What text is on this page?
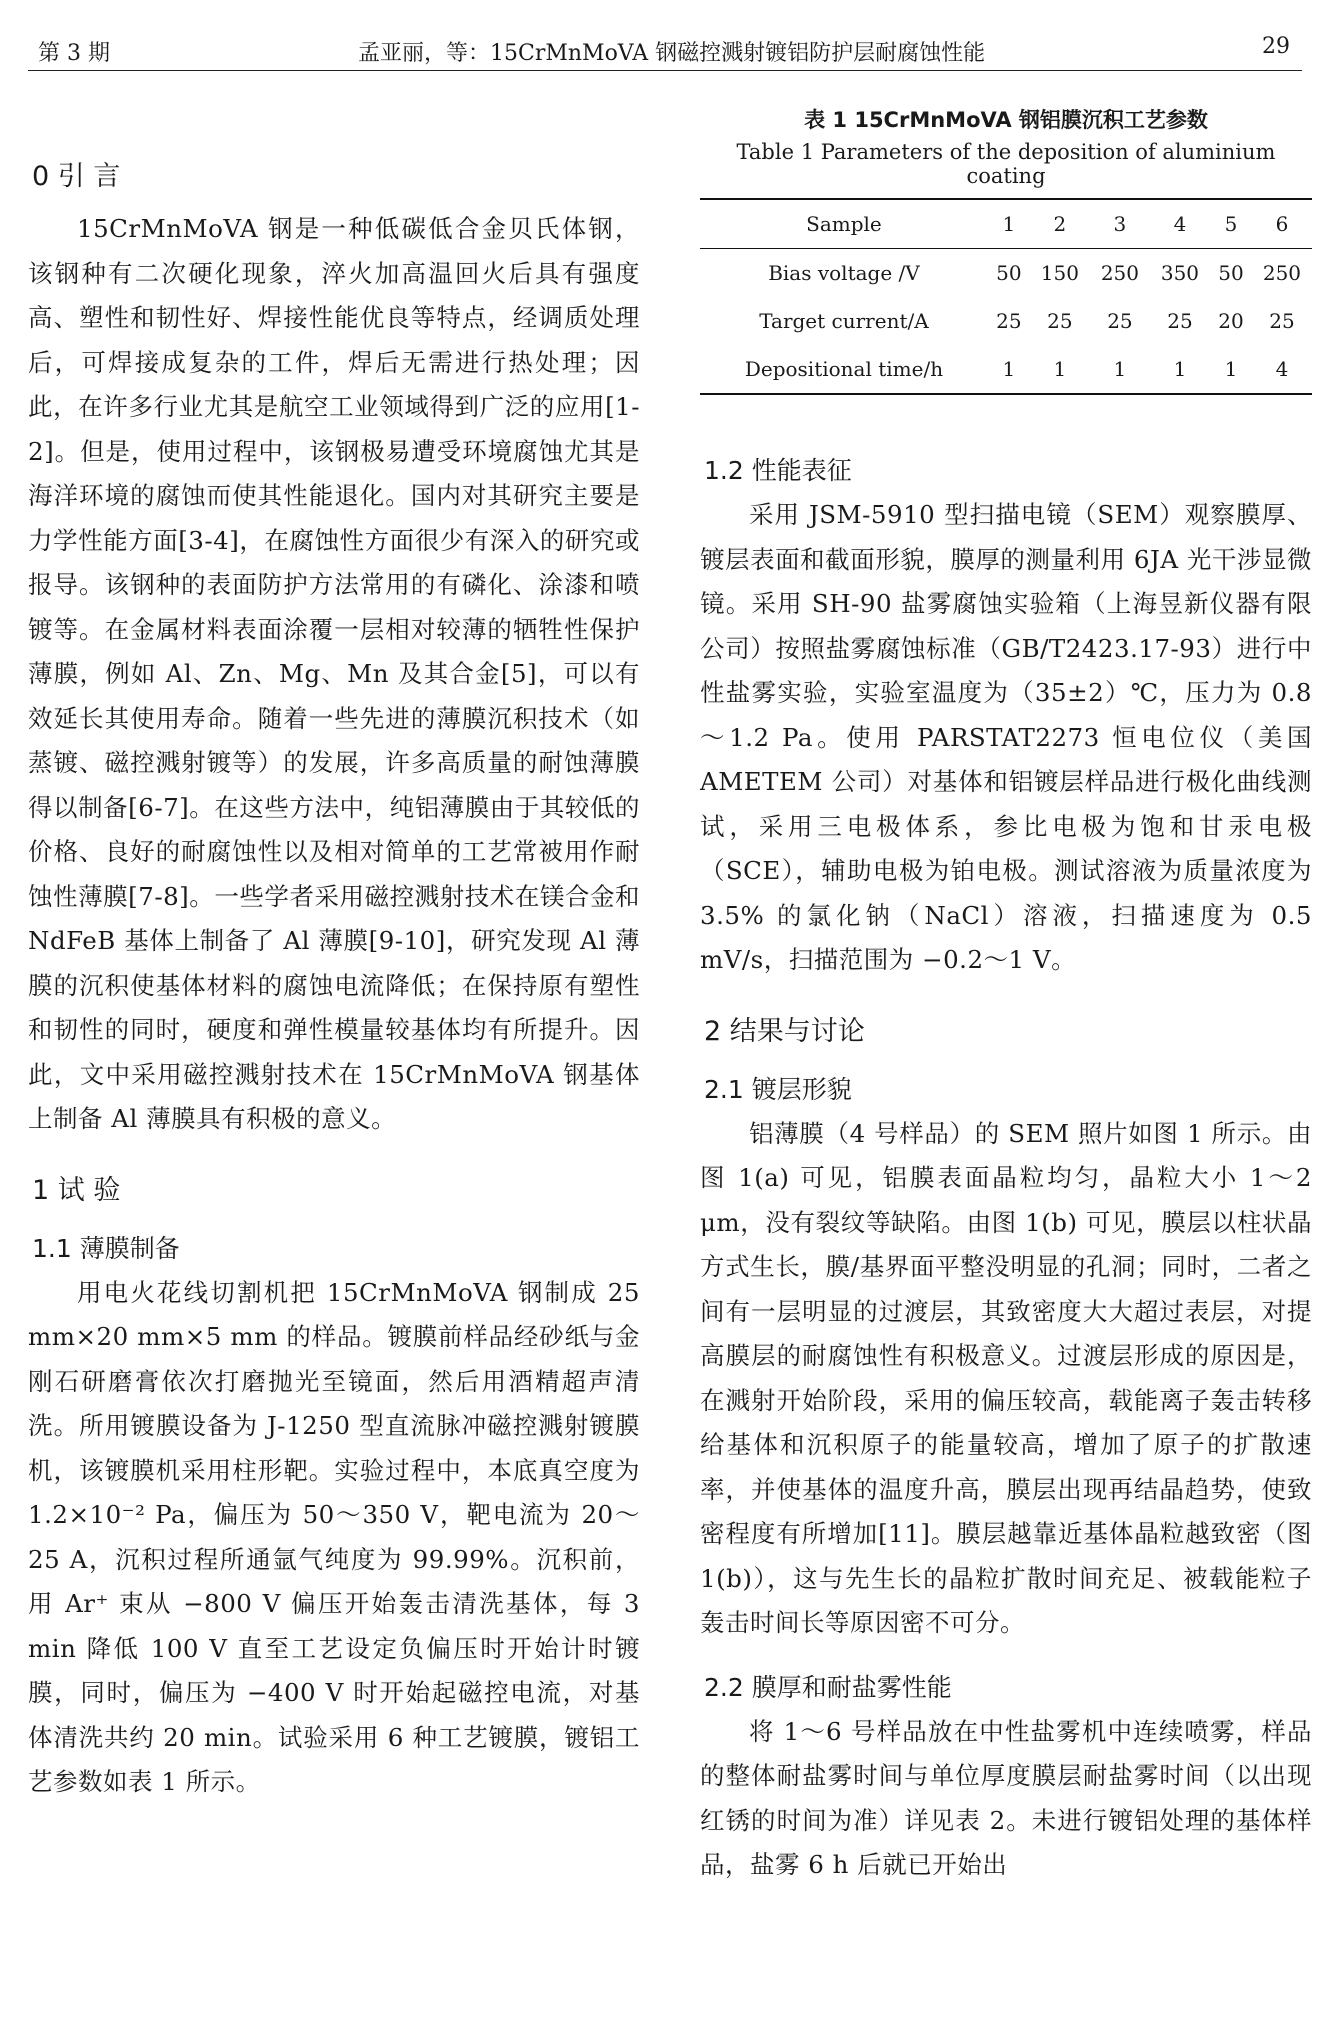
第 3 期	孟亚丽，等：15CrMnMoVA 钢磁控溅射镀铝防护层耐腐蚀性能	29
0 引 言

15CrMnMoVA 钢是一种低碳低合金贝氏体钢，该钢种有二次硬化现象，淬火加高温回火后具有强度高、塑性和韧性好、焊接性能优良等特点，经调质处理后，可焊接成复杂的工件，焊后无需进行热处理；因此，在许多行业尤其是航空工业领域得到广泛的应用[1-2]。但是，使用过程中，该钢极易遭受环境腐蚀尤其是海洋环境的腐蚀而使其性能退化。国内对其研究主要是力学性能方面[3-4]，在腐蚀性方面很少有深入的研究或报导。该钢种的表面防护方法常用的有磷化、涂漆和喷镀等。在金属材料表面涂覆一层相对较薄的牺牲性保护薄膜，例如 Al、Zn、Mg、Mn 及其合金[5]，可以有效延长其使用寿命。随着一些先进的薄膜沉积技术（如蒸镀、磁控溅射镀等）的发展，许多高质量的耐蚀薄膜得以制备[6-7]。在这些方法中，纯铝薄膜由于其较低的价格、良好的耐腐蚀性以及相对简单的工艺常被用作耐蚀性薄膜[7-8]。一些学者采用磁控溅射技术在镁合金和 NdFeB 基体上制备了 Al 薄膜[9-10]，研究发现 Al 薄膜的沉积使基体材料的腐蚀电流降低；在保持原有塑性和韧性的同时，硬度和弹性模量较基体均有所提升。因此，文中采用磁控溅射技术在 15CrMnMoVA 钢基体上制备 Al 薄膜具有积极的意义。

1 试 验
1.1 薄膜制备

用电火花线切割机把 15CrMnMoVA 钢制成 25 mm×20 mm×5 mm 的样品。镀膜前样品经砂纸与金刚石研磨膏依次打磨抛光至镜面，然后用酒精超声清洗。所用镀膜设备为 J-1250 型直流脉冲磁控溅射镀膜机，该镀膜机采用柱形靶。实验过程中，本底真空度为 1.2×10⁻² Pa，偏压为 50～350 V，靶电流为 20～25 A，沉积过程所通氩气纯度为 99.99%。沉积前，用 Ar⁺ 束从 −800 V 偏压开始轰击清洗基体，每 3 min 降低 100 V 直至工艺设定负偏压时开始计时镀膜，同时，偏压为 −400 V 时开始起磁控电流，对基体清洗共约 20 min。试验采用 6 种工艺镀膜，镀铝工艺参数如表 1 所示。

表 1 15CrMnMoVA 钢铝膜沉积工艺参数
Table 1 Parameters of the deposition of aluminium coating
Sample	1	2	3	4	5	6
Bias voltage /V	50	150	250	350	50	250
Target current/A	25	25	25	25	20	25
Depositional time/h	1	1	1	1	1	4
1.2 性能表征

采用 JSM-5910 型扫描电镜（SEM）观察膜厚、镀层表面和截面形貌，膜厚的测量利用 6JA 光干涉显微镜。采用 SH-90 盐雾腐蚀实验箱（上海昱新仪器有限公司）按照盐雾腐蚀标准（GB/T2423.17-93）进行中性盐雾实验，实验室温度为（35±2）℃，压力为 0.8～1.2 Pa。使用 PARSTAT2273 恒电位仪（美国 AMETEM 公司）对基体和铝镀层样品进行极化曲线测试，采用三电极体系，参比电极为饱和甘汞电极（SCE），辅助电极为铂电极。测试溶液为质量浓度为 3.5% 的氯化钠（NaCl）溶液，扫描速度为 0.5 mV/s，扫描范围为 −0.2～1 V。

2 结果与讨论
2.1 镀层形貌

铝薄膜（4 号样品）的 SEM 照片如图 1 所示。由图 1(a) 可见，铝膜表面晶粒均匀，晶粒大小 1～2 μm，没有裂纹等缺陷。由图 1(b) 可见，膜层以柱状晶方式生长，膜/基界面平整没明显的孔洞；同时，二者之间有一层明显的过渡层，其致密度大大超过表层，对提高膜层的耐腐蚀性有积极意义。过渡层形成的原因是，在溅射开始阶段，采用的偏压较高，载能离子轰击转移给基体和沉积原子的能量较高，增加了原子的扩散速率，并使基体的温度升高，膜层出现再结晶趋势，使致密程度有所增加[11]。膜层越靠近基体晶粒越致密（图 1(b)），这与先生长的晶粒扩散时间充足、被载能粒子轰击时间长等原因密不可分。

2.2 膜厚和耐盐雾性能

将 1～6 号样品放在中性盐雾机中连续喷雾，样品的整体耐盐雾时间与单位厚度膜层耐盐雾时间（以出现红锈的时间为准）详见表 2。未进行镀铝处理的基体样品，盐雾 6 h 后就已开始出
